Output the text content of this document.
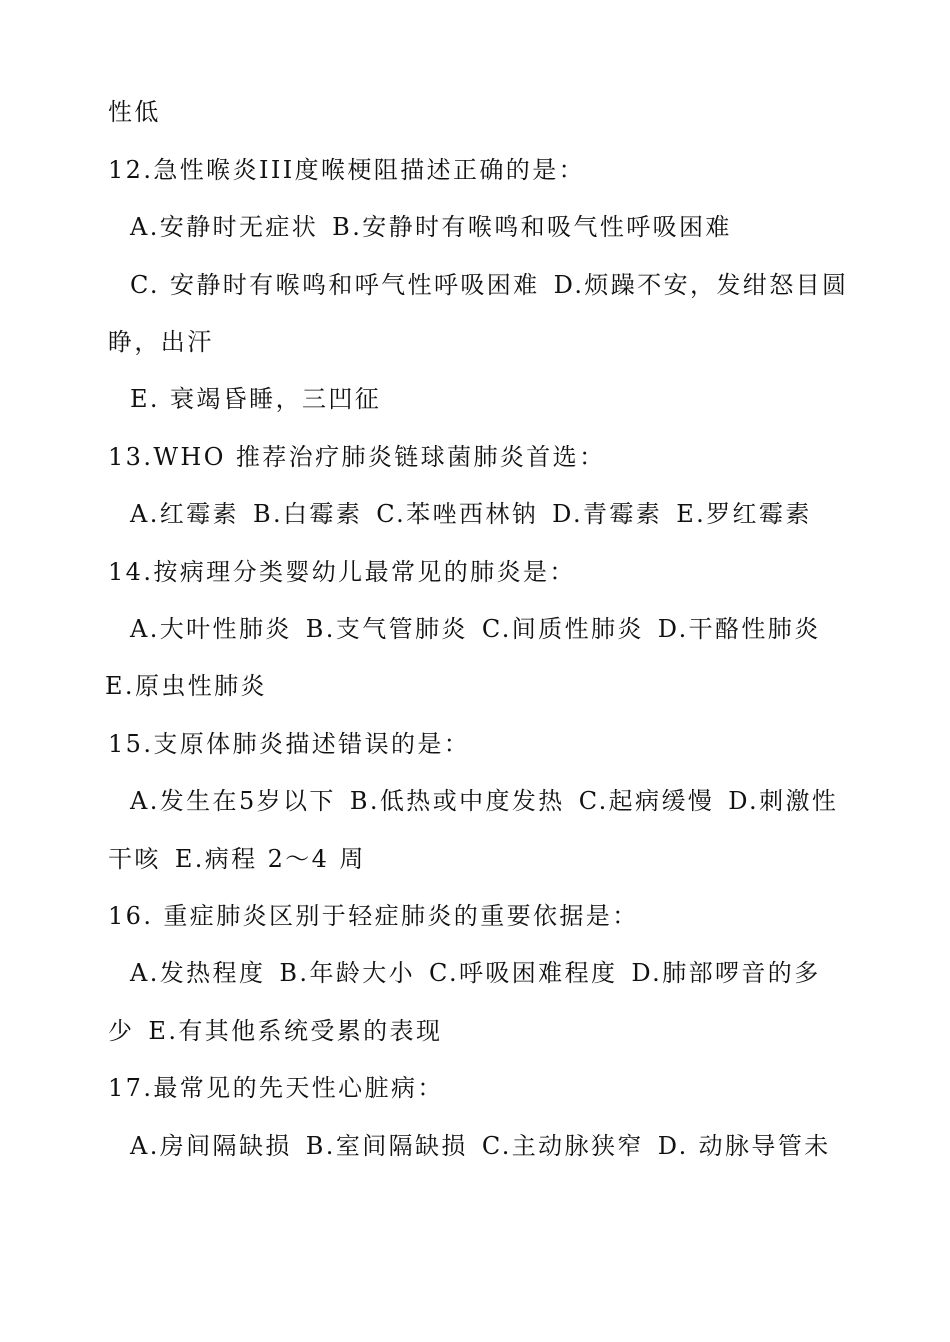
性低
12.急性喉炎III度喉梗阻描述正确的是：
A.安静时无症状 B.安静时有喉鸣和吸气性呼吸困难
C. 安静时有喉鸣和呼气性呼吸困难 D.烦躁不安，发绀怒目圆
睁，出汗
E. 衰竭昏睡，三凹征
13.WHO 推荐治疗肺炎链球菌肺炎首选：
A.红霉素 B.白霉素 C.苯唑西林钠 D.青霉素 E.罗红霉素
14.按病理分类婴幼儿最常见的肺炎是：
A.大叶性肺炎 B.支气管肺炎 C.间质性肺炎 D.干酪性肺炎
E.原虫性肺炎
15.支原体肺炎描述错误的是：
A.发生在5岁以下 B.低热或中度发热 C.起病缓慢 D.刺激性
干咳 E.病程 2～4 周
16. 重症肺炎区别于轻症肺炎的重要依据是：
A.发热程度 B.年龄大小 C.呼吸困难程度 D.肺部啰音的多
少 E.有其他系统受累的表现
17.最常见的先天性心脏病：
A.房间隔缺损 B.室间隔缺损 C.主动脉狭窄 D. 动脉导管未
